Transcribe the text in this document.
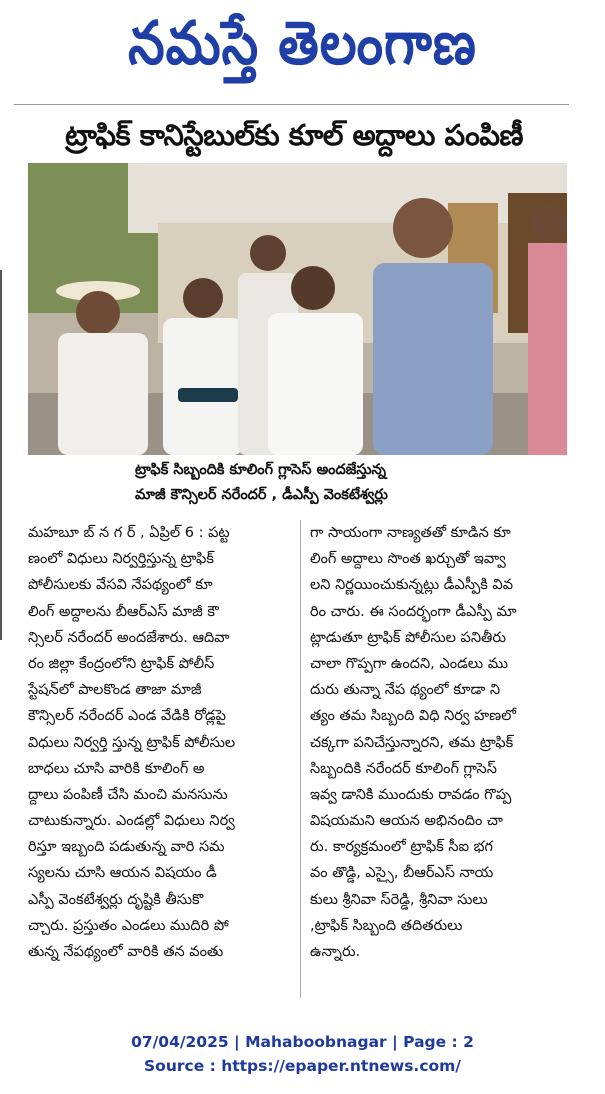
నమస్తే తెలంగాణ
ట్రాఫిక్ కానిస్టేబుల్‌కు కూల్ అద్దాలు పంపిణీ
ట్రాఫిక్ సిబ్బందికి కూలింగ్ గ్లాసెస్ అందజేస్తున్న
మాజీ కౌన్సిలర్ నరేందర్ , డీఎస్పీ వెంకటేశ్వర్లు
మహబూ బ్ న గ ర్ , ఏప్రిల్ 6 : పట్ట
ణంలో విధులు నిర్వర్తిస్తున్న ట్రాఫిక్
పోలీసులకు వేసవి నేపథ్యంలో కూ
లింగ్ అద్దాలను బీఆర్ఎస్ మాజీ కౌ
న్సిలర్ నరేందర్ అందజేశారు. ఆదివా
రం జిల్లా కేంద్రంలోని ట్రాఫిక్ పోలీస్
స్టేషన్‌లో పాలకొండ తాజా మాజీ
కౌన్సిలర్ నరేందర్ ఎండ వేడికి రోడ్లపై
విధులు నిర్వర్తి స్తున్న ట్రాఫిక్ పోలీసుల
బాధలు చూసి వారికి కూలింగ్ అ
ద్దాలు పంపిణీ చేసి మంచి మనసును
చాటుకున్నారు. ఎండల్లో విధులు నిర్వ
రిస్తూ ఇబ్బంది పడుతున్న వారి సమ
స్యలను చూసి ఆయన విషయం డీ
ఎస్పీ వెంకటేశ్వర్లు దృష్టికి తీసుకొ
చ్చారు. ప్రస్తుతం ఎండలు ముదిరి పో
తున్న నేపథ్యంలో వారికి తన వంతు
గా సాయంగా నాణ్యతతో కూడిన కూ
లింగ్ అద్దాలు సొంత ఖర్చుతో ఇవ్వా
లని నిర్ణయించుకున్నట్లు డీఎస్పీకి వివ
రిం చారు. ఈ సందర్భంగా డీఎస్పీ మా
ట్లాడుతూ ట్రాఫిక్ పోలీసుల పనితీరు
చాలా గొప్పగా ఉందని, ఎండలు ము
దురు తున్నా నేప థ్యంలో కూడా ని
త్యం తమ సిబ్బంది విధి నిర్వ హణలో
చక్కగా పనిచేస్తున్నారని, తమ ట్రాఫిక్
సిబ్బందికి నరేందర్ కూలింగ్ గ్లాసెస్
ఇవ్వ డానికి ముందుకు రావడం గొప్ప
విషయమని ఆయన అభినందిం చా
రు. కార్యక్రమంలో ట్రాఫిక్ సీఐ భగ
వం తొడ్డి, ఎస్సై, బీఆర్ఎస్ నాయ
కులు శ్రీనివా స్‌రెడ్డి, శ్రీనివా సులు
,ట్రాఫిక్ సిబ్బంది తదితరులు
ఉన్నారు.
07/04/2025 | Mahaboobnagar | Page : 2
Source : https://epaper.ntnews.com/
